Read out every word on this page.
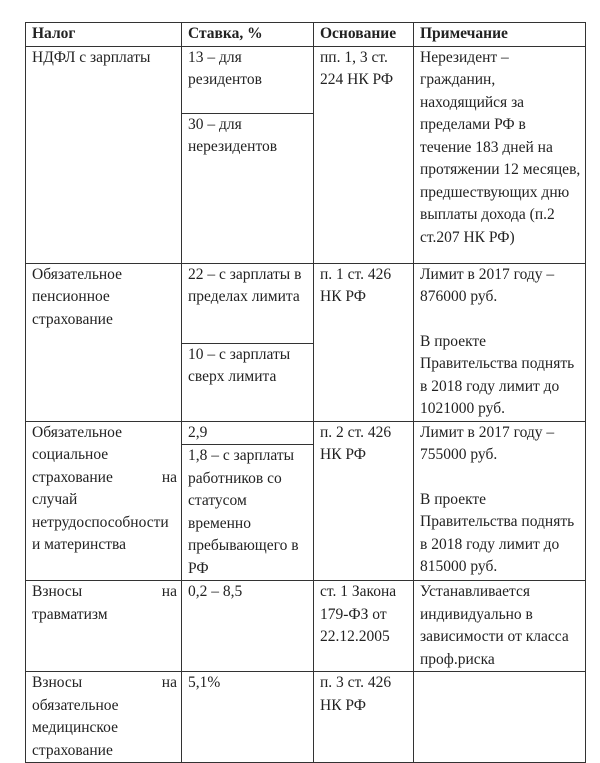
Налог	Ставка, %	Основание	Примечание
НДФЛ с зарплаты	13 – для резидентов	пп. 1, 3 ст. 224 НК РФ	Нерезидент – гражданин, находящийся за пределами РФ в течение 183 дней на протяжении 12 месяцев, предшествующих дню выплаты дохода (п.2 ст.207 НК РФ)

	30 – для нерезидентов		
Обязательное пенсионное страхование	22 – с зарплаты в пределах лимита	п. 1 ст. 426 НК РФ	Лимит в 2017 году – 876000 руб.

В проекте Правительства поднять в 2018 году лимит до 1021000 руб.

	10 – с зарплаты сверх лимита		
Обязательное социальное страхование на случай нетрудоспособности и материнства	2,9	п. 2 ст. 426 НК РФ	Лимит в 2017 году – 755000 руб.

В проекте Правительства поднять в 2018 году лимит до 815000 руб.

	1,8 – с зарплаты работников со статусом временно пребывающего в РФ		
Взносы на травматизм	0,2 – 8,5	ст. 1 Закона 179-ФЗ от 22.12.2005	Устанавливается индивидуально в зависимости от класса проф.риска

Взносы на обязательное медицинское страхование	5,1%	п. 3 ст. 426 НК РФ	
